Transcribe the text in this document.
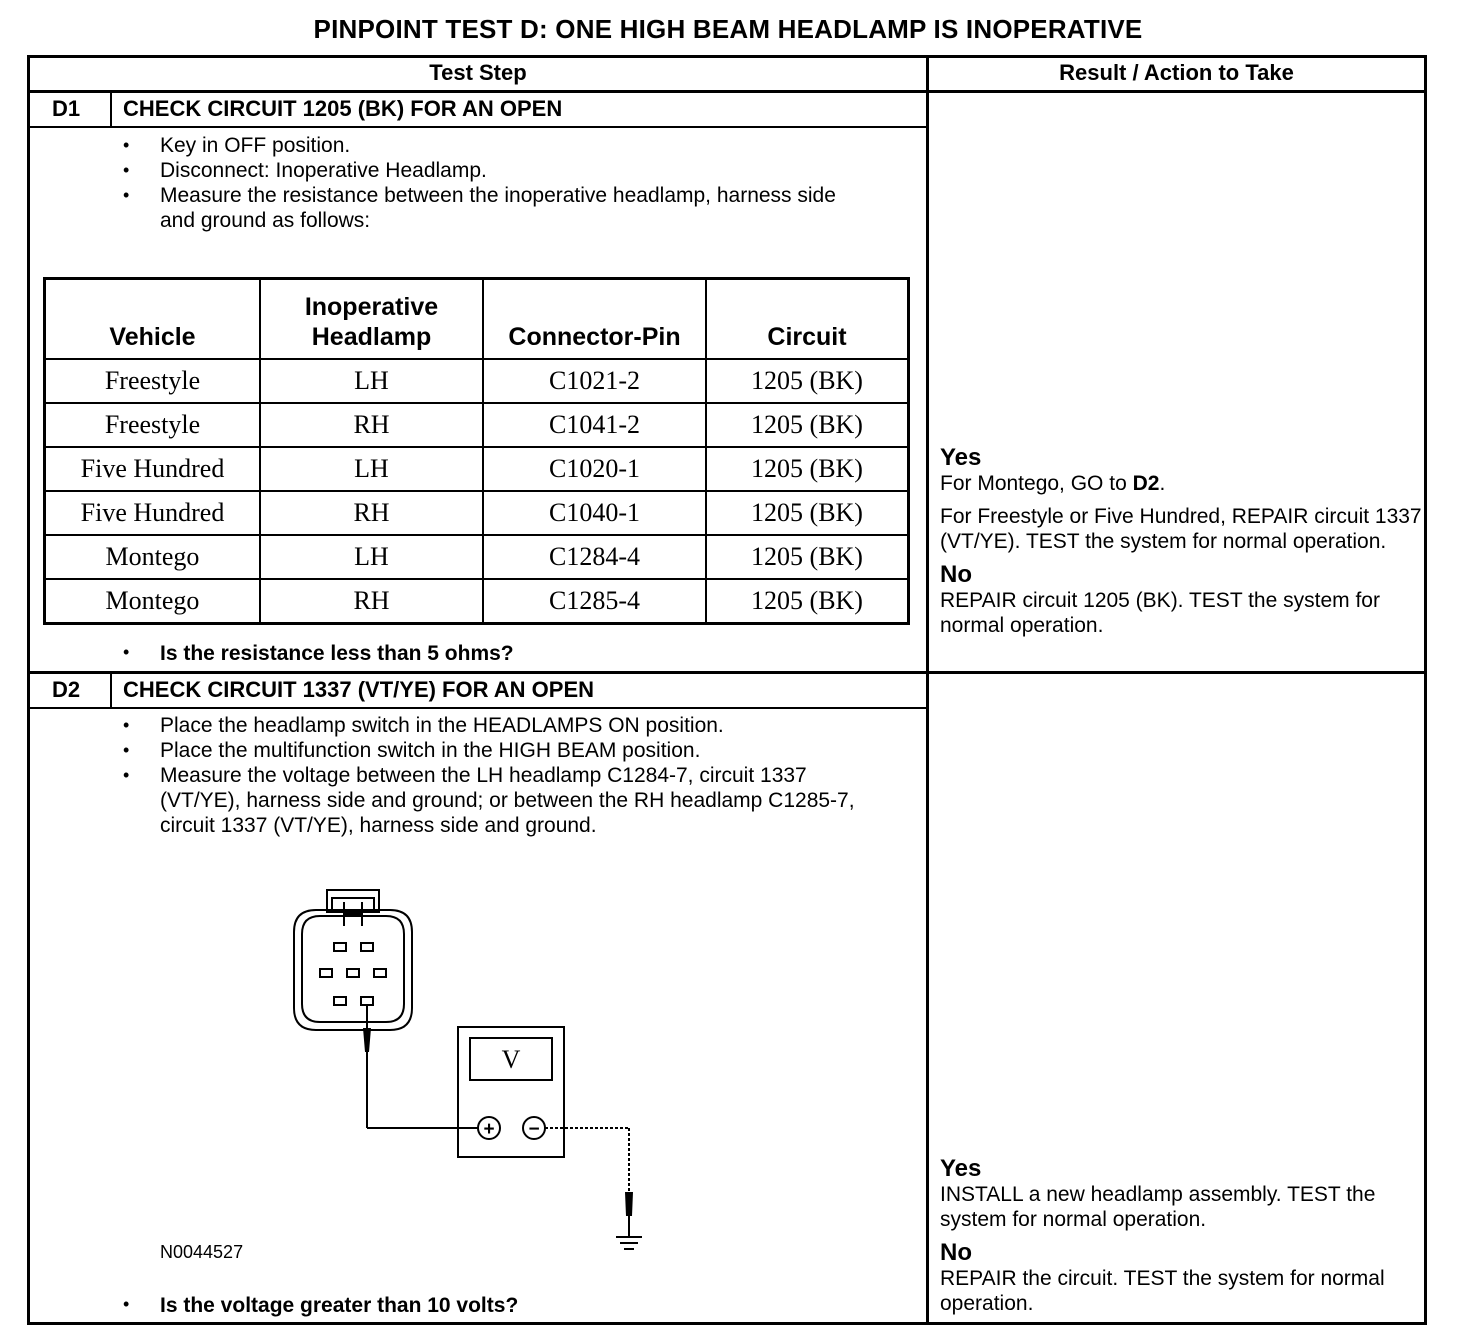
PINPOINT TEST D: ONE HIGH BEAM HEADLAMP IS INOPERATIVE
Test Step	Result / Action to Take
D1 CHECK CIRCUIT 1205 (BK) FOR AN OPEN
• Key in OFF position.
• Disconnect: Inoperative Headlamp.
• Measure the resistance between the inoperative headlamp, harness side and ground as follows:
Vehicle	Inoperative Headlamp	Connector-Pin	Circuit
Freestyle	LH	C1021-2	1205 (BK)
Freestyle	RH	C1041-2	1205 (BK)
Five Hundred	LH	C1020-1	1205 (BK)
Five Hundred	RH	C1040-1	1205 (BK)
Montego	LH	C1284-4	1205 (BK)
Montego	RH	C1285-4	1205 (BK)
• Is the resistance less than 5 ohms?

Yes

For Montego, GO to D2.

For Freestyle or Five Hundred, REPAIR circuit 1337 (VT/YE). TEST the system for normal operation.

No

REPAIR circuit 1205 (BK). TEST the system for normal operation.

D2 CHECK CIRCUIT 1337 (VT/YE) FOR AN OPEN
• Place the headlamp switch in the HEADLAMPS ON position.
• Place the multifunction switch in the HIGH BEAM position.
• Measure the voltage between the LH headlamp C1284-7, circuit 1337 (VT/YE), harness side and ground; or between the RH headlamp C1285-7, circuit 1337 (VT/YE), harness side and ground.
V
+ −
N0044527
• Is the voltage greater than 10 volts?

Yes

INSTALL a new headlamp assembly. TEST the system for normal operation.

No

REPAIR the circuit. TEST the system for normal operation.
